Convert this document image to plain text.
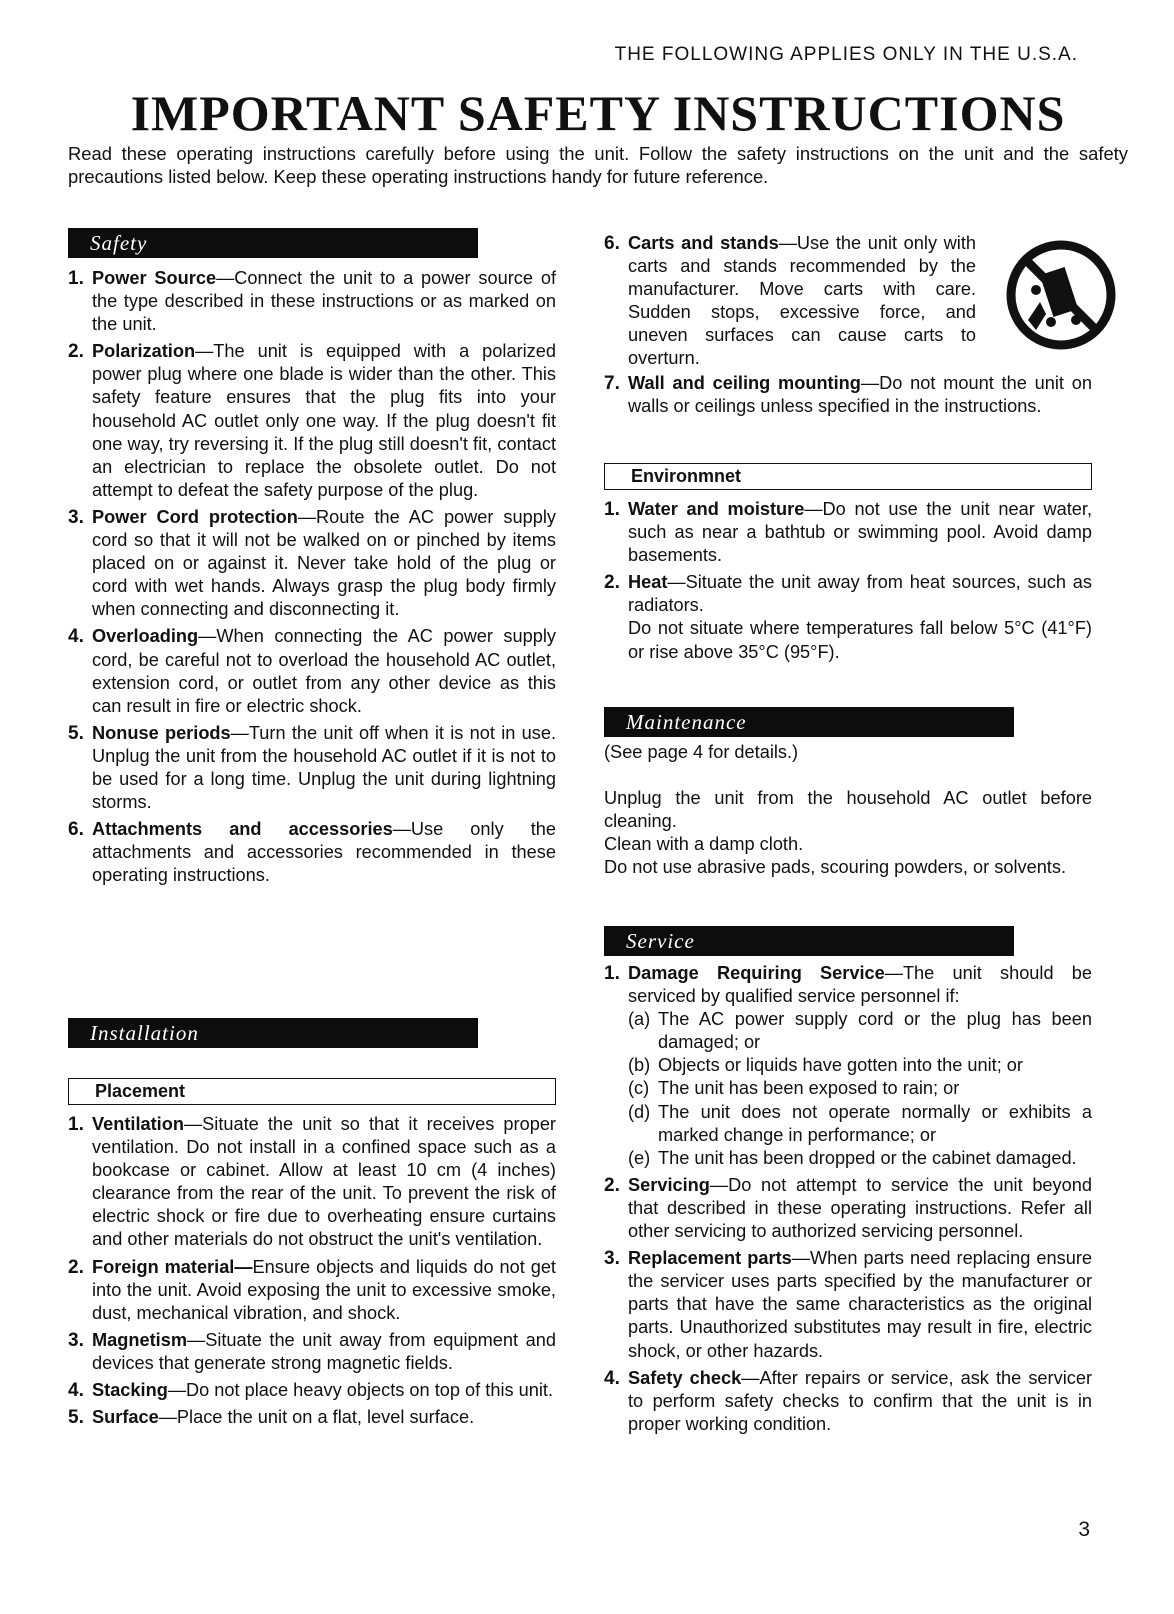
THE FOLLOWING APPLIES ONLY IN THE U.S.A.
IMPORTANT SAFETY INSTRUCTIONS
Read these operating instructions carefully before using the unit. Follow the safety instructions on the unit and the safety precautions listed below. Keep these operating instructions handy for future reference.
Safety
1. Power Source—Connect the unit to a power source of the type described in these instructions or as marked on the unit.
2. Polarization—The unit is equipped with a polarized power plug where one blade is wider than the other. This safety feature ensures that the plug fits into your household AC outlet only one way. If the plug doesn't fit one way, try reversing it. If the plug still doesn't fit, contact an electrician to replace the obsolete outlet. Do not attempt to defeat the safety purpose of the plug.
3. Power Cord protection—Route the AC power supply cord so that it will not be walked on or pinched by items placed on or against it. Never take hold of the plug or cord with wet hands. Always grasp the plug body firmly when connecting and disconnecting it.
4. Overloading—When connecting the AC power supply cord, be careful not to overload the household AC outlet, extension cord, or outlet from any other device as this can result in fire or electric shock.
5. Nonuse periods—Turn the unit off when it is not in use. Unplug the unit from the household AC outlet if it is not to be used for a long time. Unplug the unit during lightning storms.
6. Attachments and accessories—Use only the attachments and accessories recommended in these operating instructions.
Installation
Placement
1. Ventilation—Situate the unit so that it receives proper ventilation. Do not install in a confined space such as a bookcase or cabinet. Allow at least 10 cm (4 inches) clearance from the rear of the unit. To prevent the risk of electric shock or fire due to overheating ensure curtains and other materials do not obstruct the unit's ventilation.
2. Foreign material—Ensure objects and liquids do not get into the unit. Avoid exposing the unit to excessive smoke, dust, mechanical vibration, and shock.
3. Magnetism—Situate the unit away from equipment and devices that generate strong magnetic fields.
4. Stacking—Do not place heavy objects on top of this unit.
5. Surface—Place the unit on a flat, level surface.
6. Carts and stands—Use the unit only with carts and stands recommended by the manufacturer. Move carts with care. Sudden stops, excessive force, and uneven surfaces can cause carts to overturn.
7. Wall and ceiling mounting—Do not mount the unit on walls or ceilings unless specified in the instructions.
Environmnet
1. Water and moisture—Do not use the unit near water, such as near a bathtub or swimming pool. Avoid damp basements.
2. Heat—Situate the unit away from heat sources, such as radiators.
Do not situate where temperatures fall below 5°C (41°F) or rise above 35°C (95°F).
Maintenance
(See page 4 for details.)
Unplug the unit from the household AC outlet before cleaning.
Clean with a damp cloth.
Do not use abrasive pads, scouring powders, or solvents.
Service
1. Damage Requiring Service—The unit should be serviced by qualified service personnel if:
(a) The AC power supply cord or the plug has been damaged; or
(b) Objects or liquids have gotten into the unit; or
(c) The unit has been exposed to rain; or
(d) The unit does not operate normally or exhibits a marked change in performance; or
(e) The unit has been dropped or the cabinet damaged.
2. Servicing—Do not attempt to service the unit beyond that described in these operating instructions. Refer all other servicing to authorized servicing personnel.
3. Replacement parts—When parts need replacing ensure the servicer uses parts specified by the manufacturer or parts that have the same characteristics as the original parts. Unauthorized substitutes may result in fire, electric shock, or other hazards.
4. Safety check—After repairs or service, ask the servicer to perform safety checks to confirm that the unit is in proper working condition.
3
